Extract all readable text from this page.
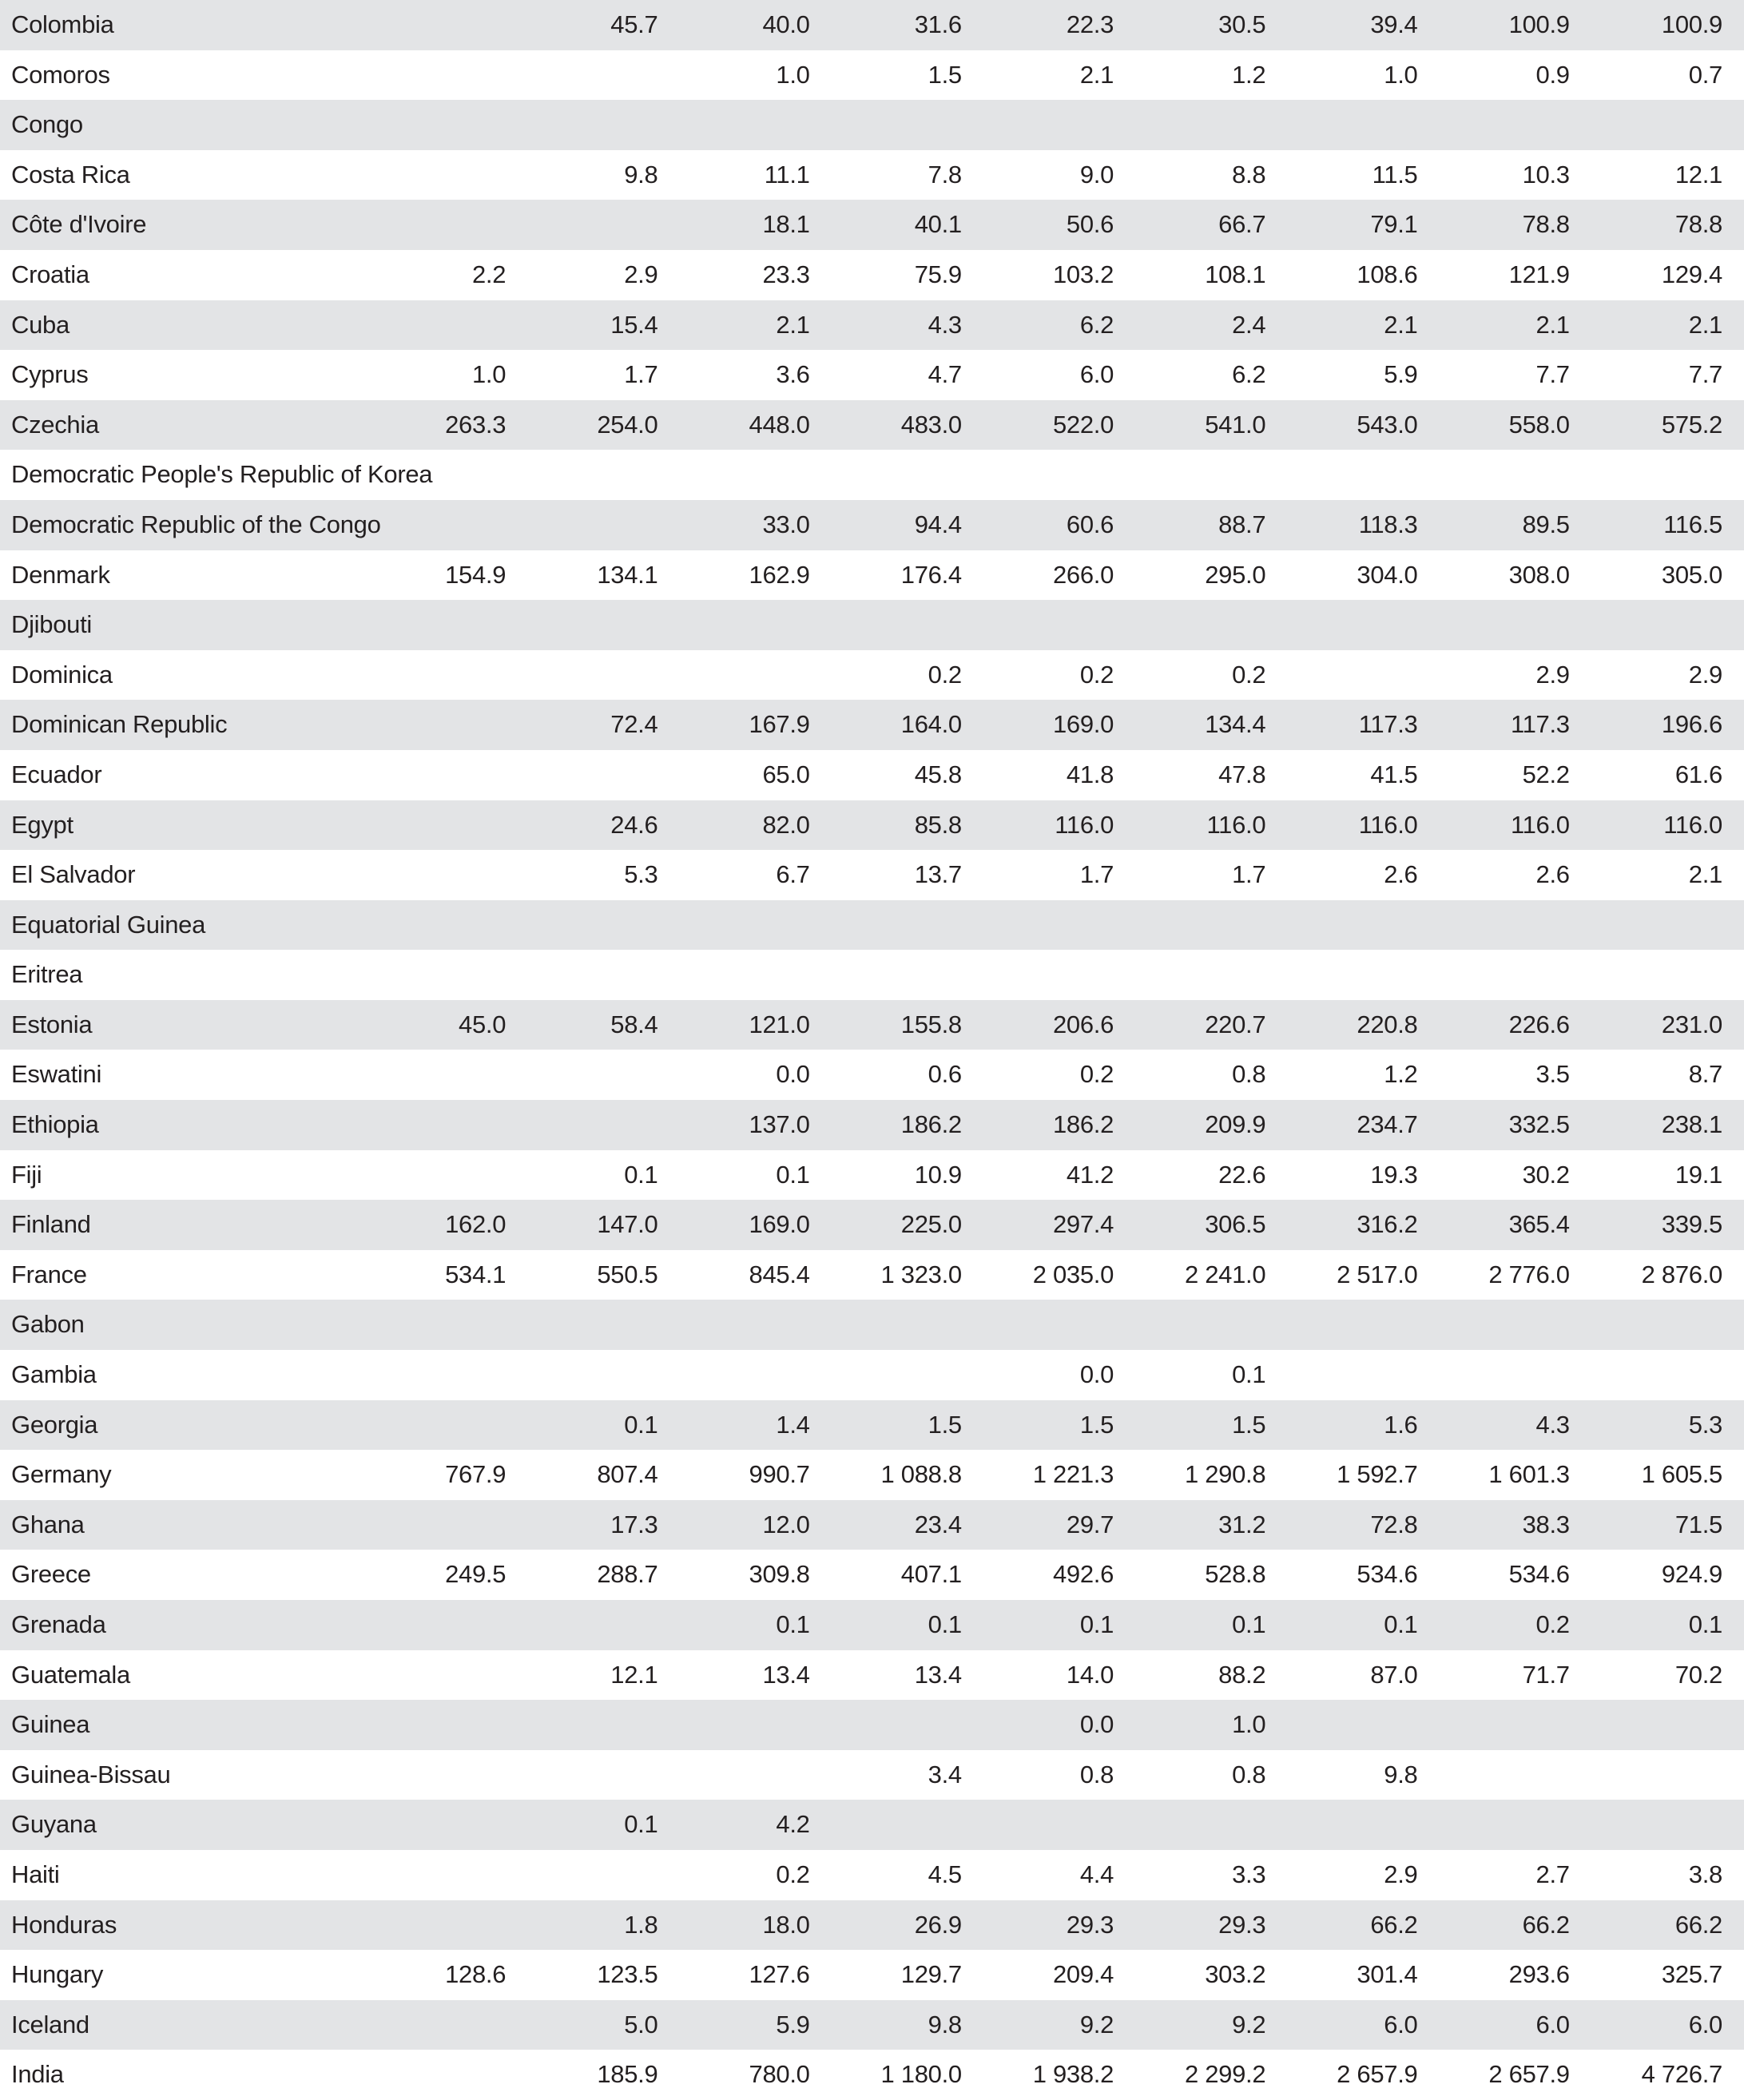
Colombia		45.7	40.0	31.6	22.3	30.5	39.4	100.9	100.9
Comoros			1.0	1.5	2.1	1.2	1.0	0.9	0.7
Congo									
Costa Rica		9.8	11.1	7.8	9.0	8.8	11.5	10.3	12.1
Côte d'Ivoire			18.1	40.1	50.6	66.7	79.1	78.8	78.8
Croatia	2.2	2.9	23.3	75.9	103.2	108.1	108.6	121.9	129.4
Cuba		15.4	2.1	4.3	6.2	2.4	2.1	2.1	2.1
Cyprus	1.0	1.7	3.6	4.7	6.0	6.2	5.9	7.7	7.7
Czechia	263.3	254.0	448.0	483.0	522.0	541.0	543.0	558.0	575.2
Democratic People's Republic of Korea									
Democratic Republic of the Congo			33.0	94.4	60.6	88.7	118.3	89.5	116.5
Denmark	154.9	134.1	162.9	176.4	266.0	295.0	304.0	308.0	305.0
Djibouti									
Dominica				0.2	0.2	0.2		2.9	2.9
Dominican Republic		72.4	167.9	164.0	169.0	134.4	117.3	117.3	196.6
Ecuador			65.0	45.8	41.8	47.8	41.5	52.2	61.6
Egypt		24.6	82.0	85.8	116.0	116.0	116.0	116.0	116.0
El Salvador		5.3	6.7	13.7	1.7	1.7	2.6	2.6	2.1
Equatorial Guinea									
Eritrea									
Estonia	45.0	58.4	121.0	155.8	206.6	220.7	220.8	226.6	231.0
Eswatini			0.0	0.6	0.2	0.8	1.2	3.5	8.7
Ethiopia			137.0	186.2	186.2	209.9	234.7	332.5	238.1
Fiji		0.1	0.1	10.9	41.2	22.6	19.3	30.2	19.1
Finland	162.0	147.0	169.0	225.0	297.4	306.5	316.2	365.4	339.5
France	534.1	550.5	845.4	1 323.0	2 035.0	2 241.0	2 517.0	2 776.0	2 876.0
Gabon									
Gambia					0.0	0.1			
Georgia		0.1	1.4	1.5	1.5	1.5	1.6	4.3	5.3
Germany	767.9	807.4	990.7	1 088.8	1 221.3	1 290.8	1 592.7	1 601.3	1 605.5
Ghana		17.3	12.0	23.4	29.7	31.2	72.8	38.3	71.5
Greece	249.5	288.7	309.8	407.1	492.6	528.8	534.6	534.6	924.9
Grenada			0.1	0.1	0.1	0.1	0.1	0.2	0.1
Guatemala		12.1	13.4	13.4	14.0	88.2	87.0	71.7	70.2
Guinea					0.0	1.0			
Guinea-Bissau				3.4	0.8	0.8	9.8		
Guyana		0.1	4.2						
Haiti			0.2	4.5	4.4	3.3	2.9	2.7	3.8
Honduras		1.8	18.0	26.9	29.3	29.3	66.2	66.2	66.2
Hungary	128.6	123.5	127.6	129.7	209.4	303.2	301.4	293.6	325.7
Iceland		5.0	5.9	9.8	9.2	9.2	6.0	6.0	6.0
India		185.9	780.0	1 180.0	1 938.2	2 299.2	2 657.9	2 657.9	4 726.7
